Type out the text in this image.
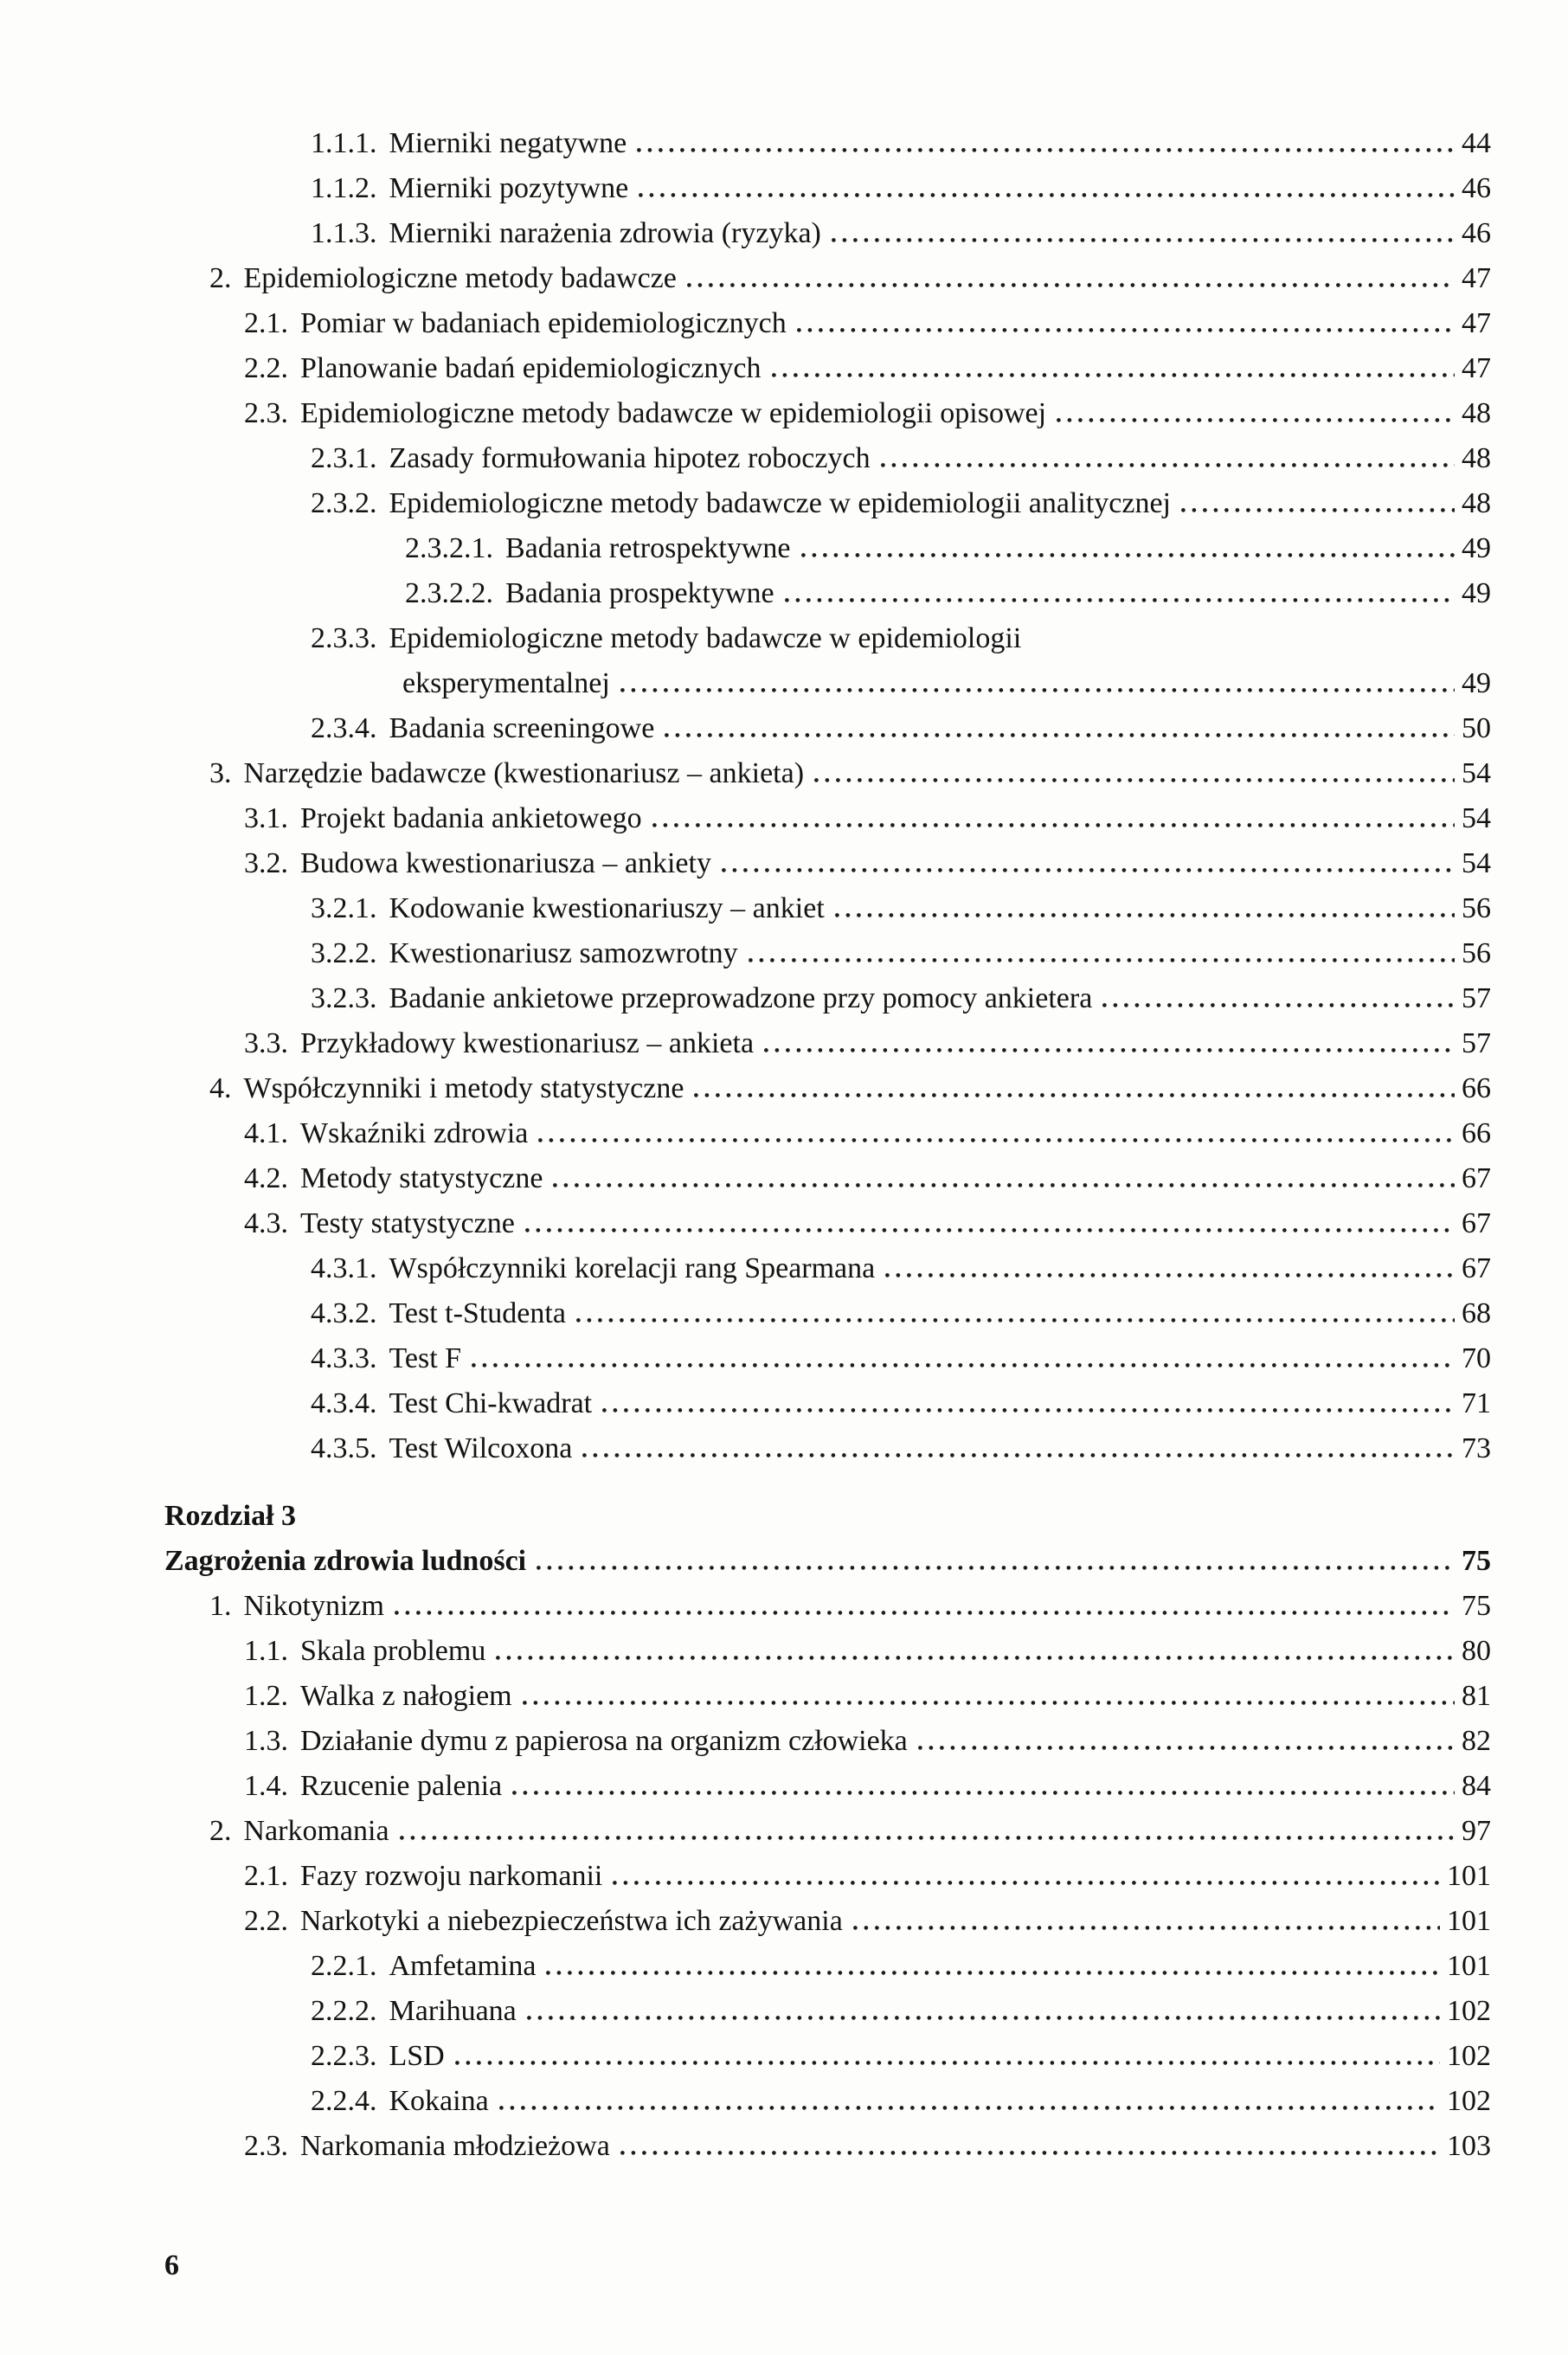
1.1.1. Mierniki negatywne	44
1.1.2. Mierniki pozytywne	46
1.1.3. Mierniki narażenia zdrowia (ryzyka)	46
2. Epidemiologiczne metody badawcze	47
2.1. Pomiar w badaniach epidemiologicznych	47
2.2. Planowanie badań epidemiologicznych	47
2.3. Epidemiologiczne metody badawcze w epidemiologii opisowej	48
2.3.1. Zasady formułowania hipotez roboczych	48
2.3.2. Epidemiologiczne metody badawcze w epidemiologii analitycznej	48
2.3.2.1. Badania retrospektywne	49
2.3.2.2. Badania prospektywne	49
2.3.3. Epidemiologiczne metody badawcze w epidemiologii
eksperymentalnej	49
2.3.4. Badania screeningowe	50
3. Narzędzie badawcze (kwestionariusz – ankieta)	54
3.1. Projekt badania ankietowego	54
3.2. Budowa kwestionariusza – ankiety	54
3.2.1. Kodowanie kwestionariuszy – ankiet	56
3.2.2. Kwestionariusz samozwrotny	56
3.2.3. Badanie ankietowe przeprowadzone przy pomocy ankietera	57
3.3. Przykładowy kwestionariusz – ankieta	57
4. Współczynniki i metody statystyczne	66
4.1. Wskaźniki zdrowia	66
4.2. Metody statystyczne	67
4.3. Testy statystyczne	67
4.3.1. Współczynniki korelacji rang Spearmana	67
4.3.2. Test t-Studenta	68
4.3.3. Test F	70
4.3.4. Test Chi-kwadrat	71
4.3.5. Test Wilcoxona	73
Rozdział 3
Zagrożenia zdrowia ludności	75
1. Nikotynizm	75
1.1. Skala problemu	80
1.2. Walka z nałogiem	81
1.3. Działanie dymu z papierosa na organizm człowieka	82
1.4. Rzucenie palenia	84
2. Narkomania	97
2.1. Fazy rozwoju narkomanii	101
2.2. Narkotyki a niebezpieczeństwa ich zażywania	101
2.2.1. Amfetamina	101
2.2.2. Marihuana	102
2.2.3. LSD	102
2.2.4. Kokaina	102
2.3. Narkomania młodzieżowa	103
6
